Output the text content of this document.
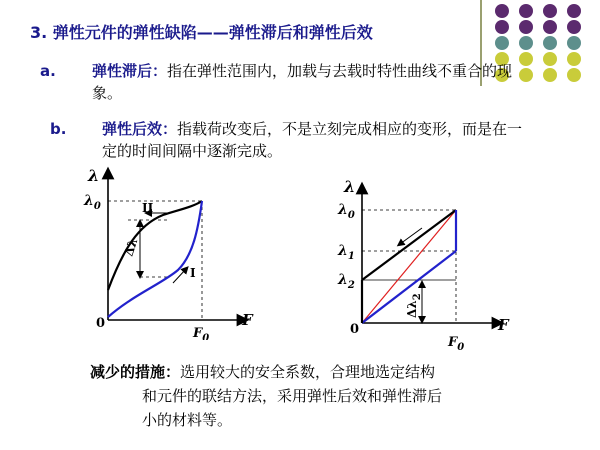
3. 弹性元件的弹性缺陷——弹性滞后和弹性后效
a. 弹性滞后：指在弹性范围内，加载与去载时特性曲线不重合的现象。
b. 弹性后效：指载荷改变后，不是立刻完成相应的变形，而是在一定的时间间隔中逐渐完成。
λ
$\lambda_0$
F
$F_0$
0
II
I
Δλ
λ
$\lambda_0$
$\lambda_1$
$\lambda_2$
F
$F_0$
0
$\Delta\lambda_2$
减少的措施：选用较大的安全系数，合理地选定结构
和元件的联结方法，采用弹性后效和弹性滞后
小的材料等。
